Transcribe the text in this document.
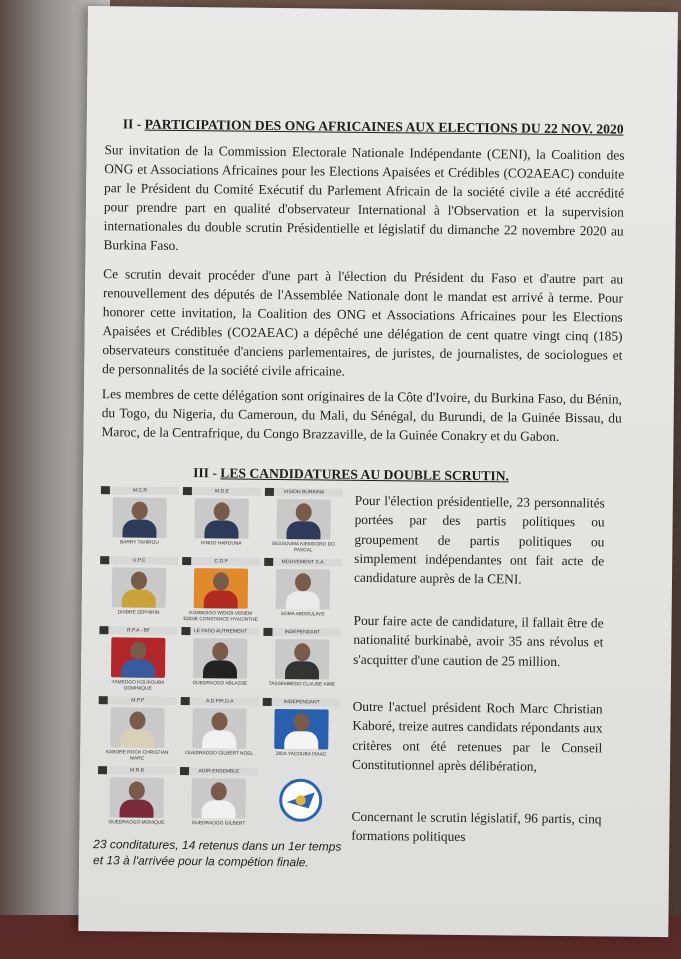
II - PARTICIPATION DES ONG AFRICAINES AUX ELECTIONS DU 22 NOV. 2020
Sur invitation de la Commission Electorale Nationale Indépendante (CENI), la Coalition des ONG et Associations Africaines pour les Elections Apaisées et Crédibles (CO2AEAC) conduite par le Président du Comité Exécutif du Parlement Africain de la société civile a été accrédité pour prendre part en qualité d'observateur International à l'Observation et la supervision internationales du double scrutin Présidentielle et législatif du dimanche 22 novembre 2020 au Burkina Faso.
Ce scrutin devait procéder d'une part à l'élection du Président du Faso et d'autre part au renouvellement des députés de l'Assemblée Nationale dont le mandat est arrivé à terme. Pour honorer cette invitation, la Coalition des ONG et Associations Africaines pour les Elections Apaisées et Crédibles (CO2AEAC) a dépêché une délégation de cent quatre vingt cinq (185) observateurs constituée d'anciens parlementaires, de juristes, de journalistes, de sociologues et de personnalités de la société civile africaine.
Les membres de cette délégation sont originaires de la Côte d'Ivoire, du Burkina Faso, du Bénin, du Togo, du Nigeria, du Cameroun, du Mali, du Sénégal, du Burundi, de la Guinée Bissau, du Maroc, de la Centrafrique, du Congo Brazzaville, de la Guinée Conakry et du Gabon.
III - LES CANDIDATURES AU DOUBLE SCRUTIN.
M.C.R
BARRY TAHIROU
M.D.E
KINDO HAROUNA
VISION BURKINA
SESSOUMA KIEMDORO DO PASCAL
U.P.C
DIABRE ZEPHIRIN
C.D.P
KOMBOIGO WENDI-VENEM EDDIE CONSTANCE HYACINTHE
MOUVEMENT S.A.
SOMA ABDOULAYE
R.P.A - BF
YAMEOGO KOUKOUBA DOMINIQUE
LE FASO AUTREMENT
OUEDRAOGO ABLASSE
INDEPENDANT
TASSEMBEDO CLAUDE AIME
M.P.P
KABORE ROCH CHRISTIAN MARC
A.D.F/R.D.A
OUEDRAOGO GILBERT NOEL
INDEPENDANT
ZIDA YACOUBA ISAAC
M.R.B
OUEDRAOGO MONIQUE
AGIR ENSEMBLE
OUEDRAOGO GILBERT
23 conditatures, 14 retenus dans un 1er temps et 13 à l'arrivée pour la compétion finale.
Pour l'élection présidentielle, 23 personnalités portées par des partis politiques ou groupement de partis politiques ou simplement indépendantes ont fait acte de candidature auprès de la CENI.
Pour faire acte de candidature, il fallait être de nationalité burkinabè, avoir 35 ans révolus et s'acquitter d'une caution de 25 million.
Outre l'actuel président Roch Marc Christian Kaboré, treize autres candidats répondants aux critères ont été retenues par le Conseil Constitutionnel après délibération,
Concernant le scrutin législatif, 96 partis, cinq formations politiques
